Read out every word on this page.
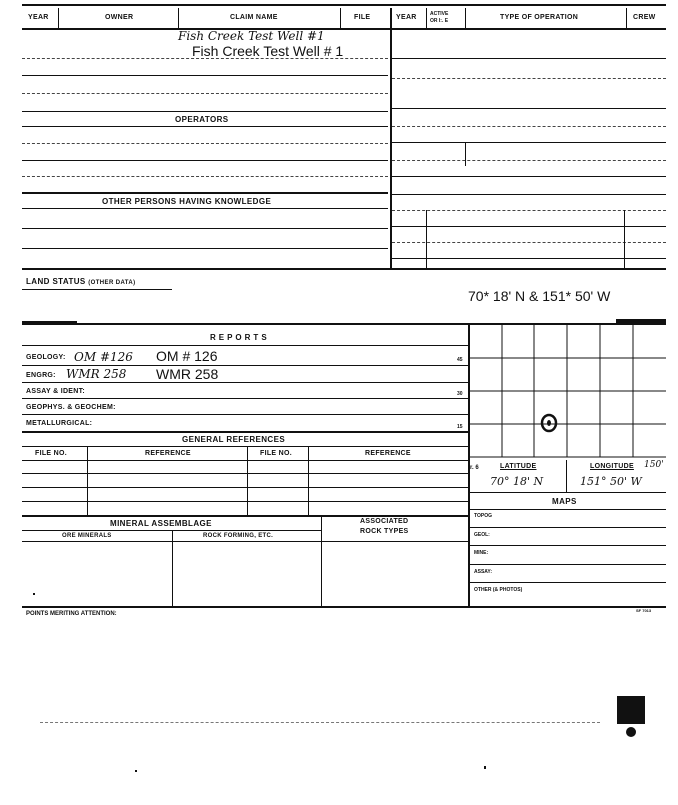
YEAR	OWNER	CLAIM NAME	FILE	YEAR	ACTIVE
OR I:. E	TYPE OF OPERATION	CREW
Fish Creek Test Well #1
Fish Creek Test Well # 1
OPERATORS
OTHER PERSONS HAVING KNOWLEDGE
LAND STATUS (OTHER DATA)
70* 18' N & 151* 50' W
R E P O R T S
GEOLOGY: OM #126 OM # 126	45
ENGRG: WMR 258 WMR 258
ASSAY & IDENT:	30
GEOPHYS. & GEOCHEM:
METALLURGICAL:	15
GENERAL REFERENCES
FILE NO.	REFERENCE	FILE NO.	REFERENCE
r. 6	LATITUDE	LONGITUDE 150'
70° 18' N	151° 50' W
MAPS
TOPOG
GEOL:
MINE:
ASSAY:
OTHER (& PHOTOS)
MINERAL ASSEMBLAGE	ASSOCIATED
ROCK TYPES
ORE MINERALS	ROCK FORMING, ETC.
POINTS MERITING ATTENTION:
SF 7013
